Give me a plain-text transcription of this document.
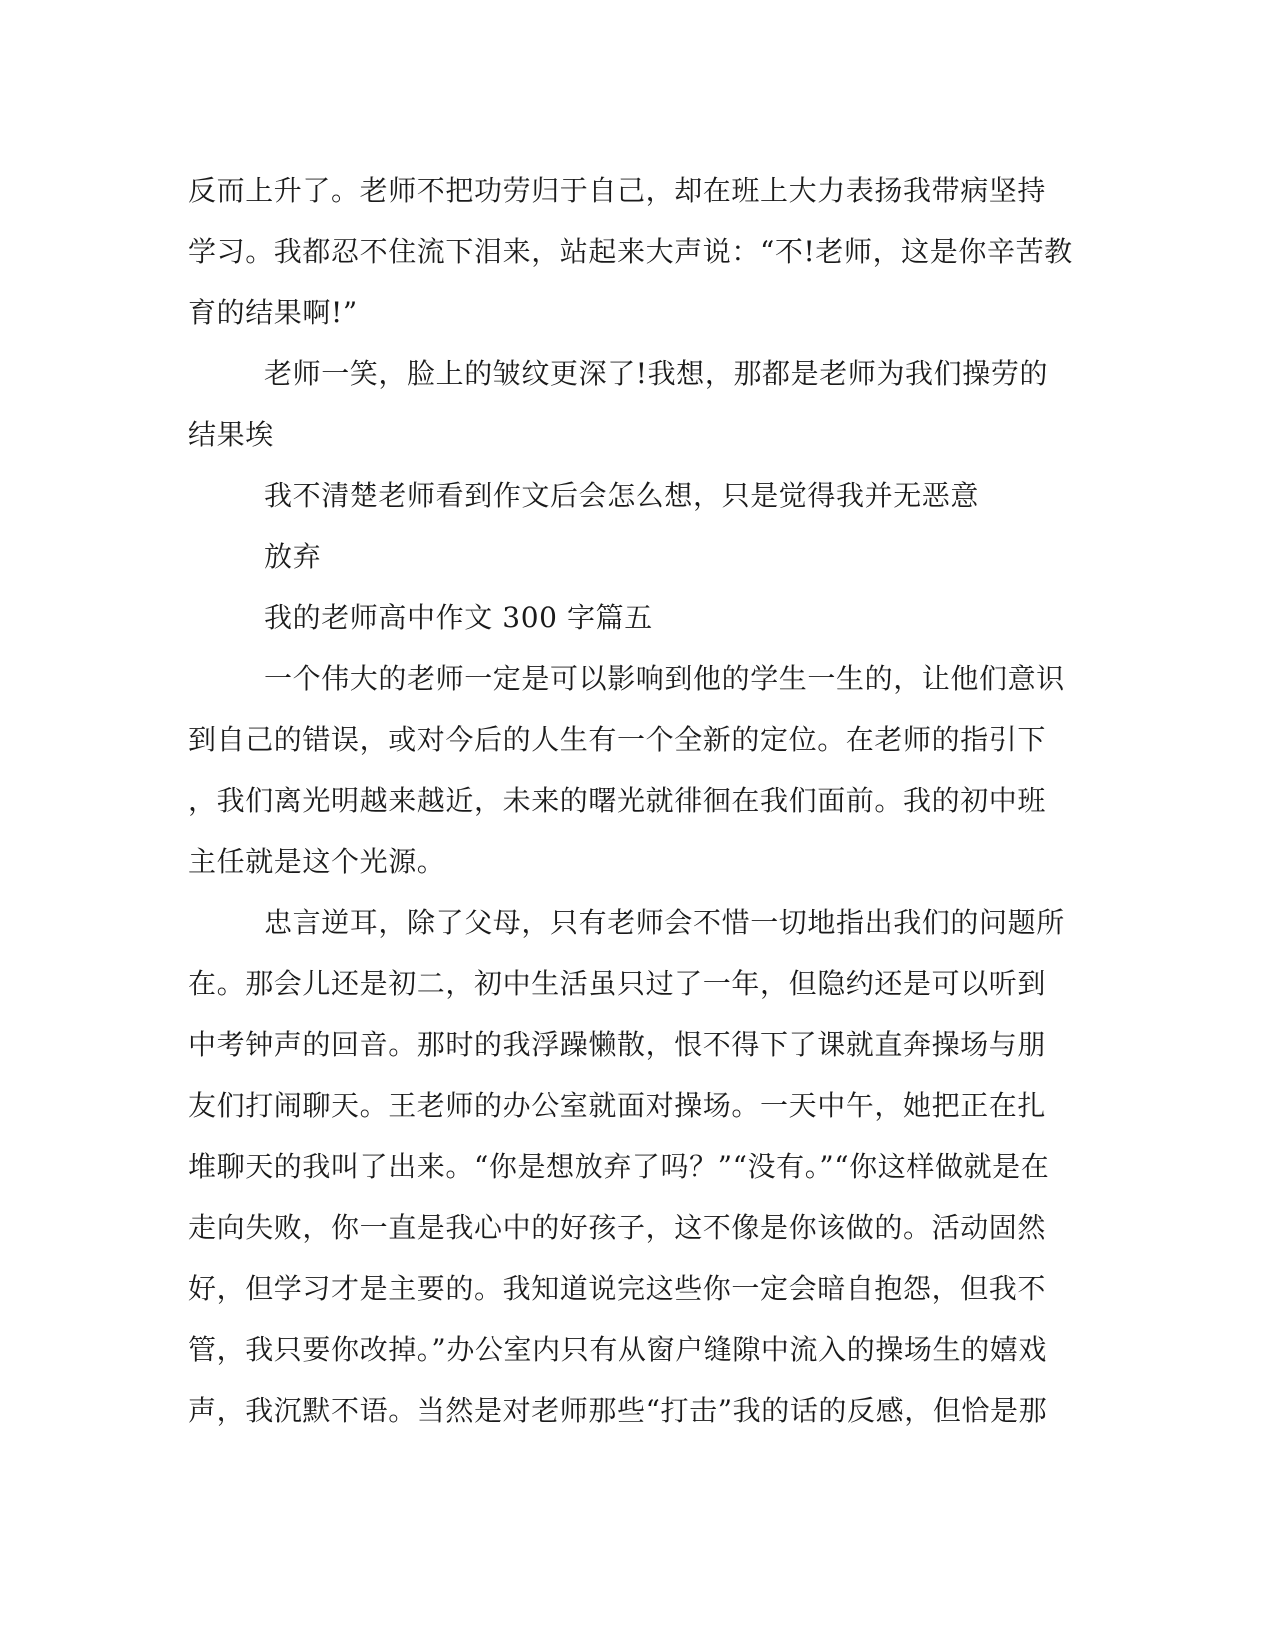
反而上升了。老师不把功劳归于自己，却在班上大力表扬我带病坚持
学习。我都忍不住流下泪来，站起来大声说：“不!老师，这是你辛苦教
育的结果啊!”
老师一笑，脸上的皱纹更深了!我想，那都是老师为我们操劳的
结果埃
我不清楚老师看到作文后会怎么想，只是觉得我并无恶意
放弃
我的老师高中作文 300 字篇五
一个伟大的老师一定是可以影响到他的学生一生的，让他们意识
到自己的错误，或对今后的人生有一个全新的定位。在老师的指引下
，我们离光明越来越近，未来的曙光就徘徊在我们面前。我的初中班
主任就是这个光源。
忠言逆耳，除了父母，只有老师会不惜一切地指出我们的问题所
在。那会儿还是初二，初中生活虽只过了一年，但隐约还是可以听到
中考钟声的回音。那时的我浮躁懒散，恨不得下了课就直奔操场与朋
友们打闹聊天。王老师的办公室就面对操场。一天中午，她把正在扎
堆聊天的我叫了出来。“你是想放弃了吗？”“没有。”“你这样做就是在
走向失败，你一直是我心中的好孩子，这不像是你该做的。活动固然
好，但学习才是主要的。我知道说完这些你一定会暗自抱怨，但我不
管，我只要你改掉。”办公室内只有从窗户缝隙中流入的操场生的嬉戏
声，我沉默不语。当然是对老师那些“打击”我的话的反感，但恰是那
